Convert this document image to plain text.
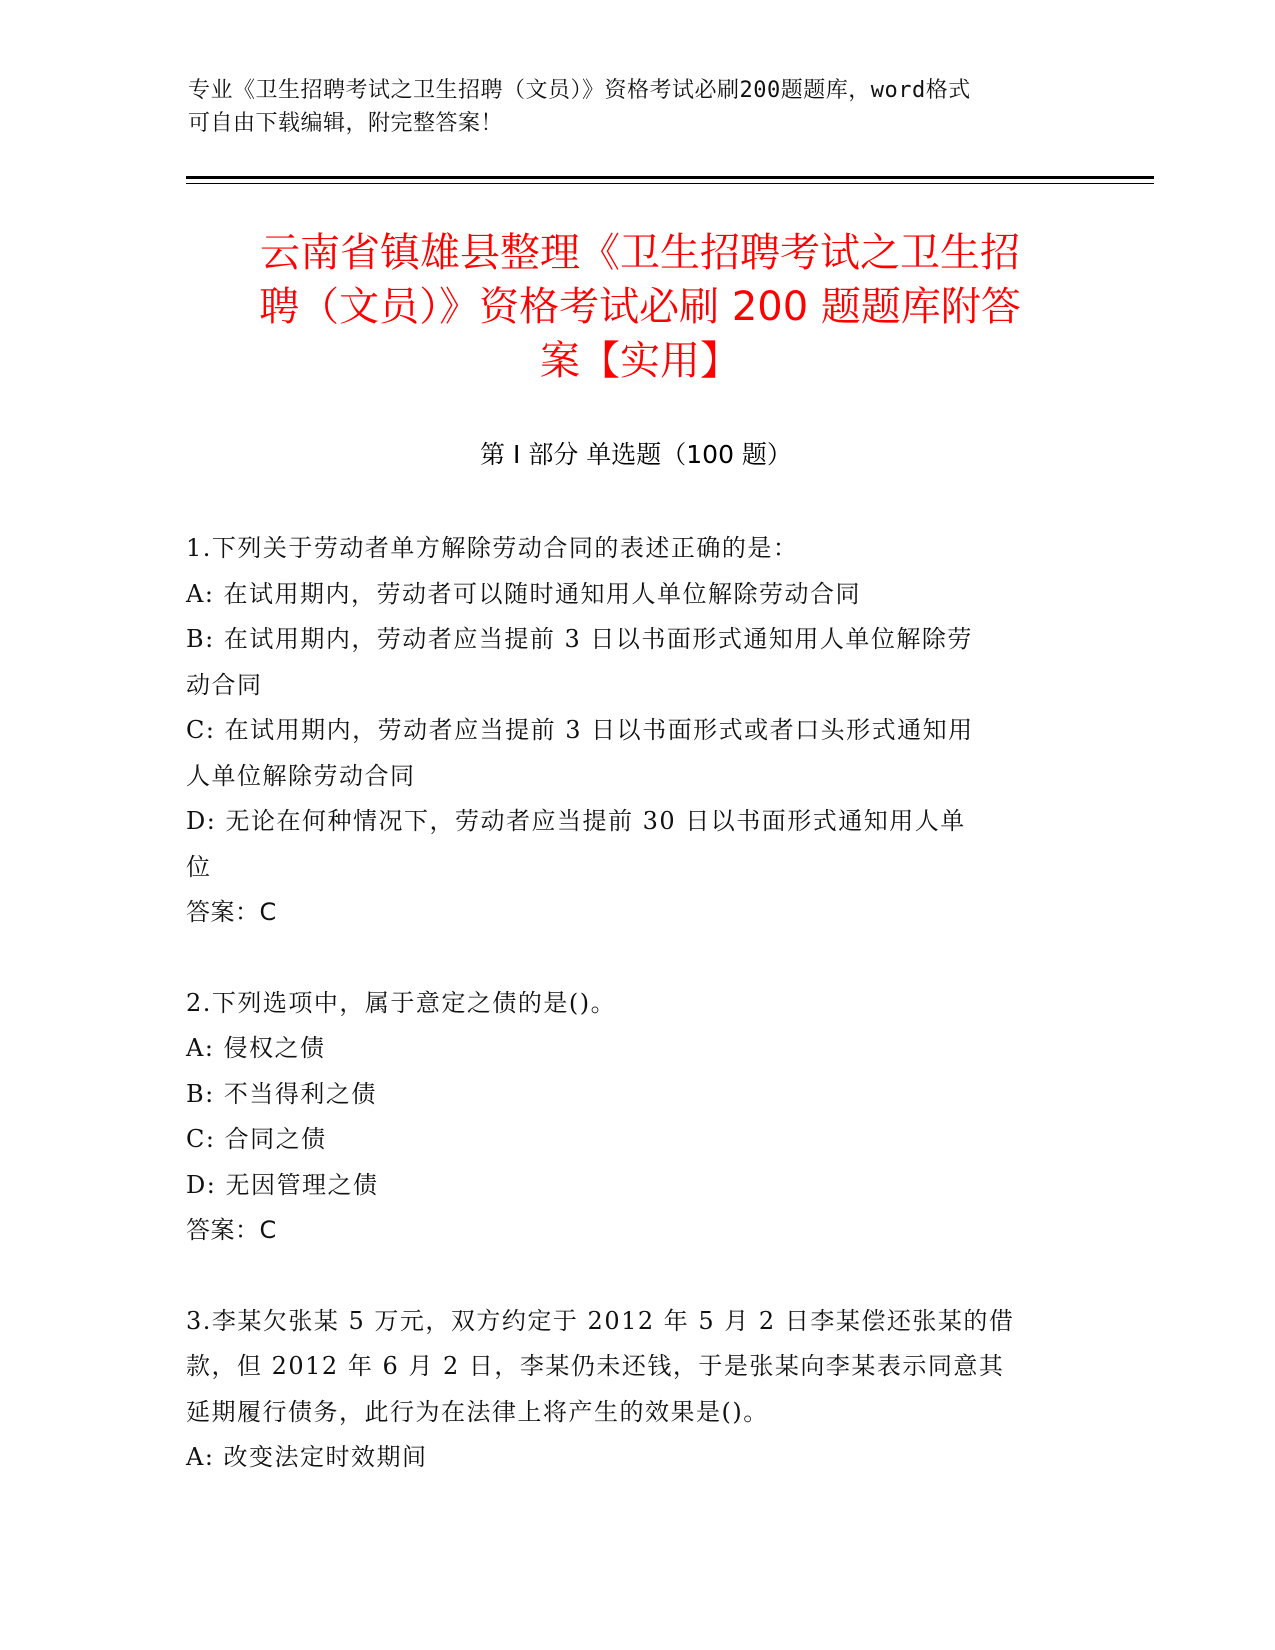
专业《卫生招聘考试之卫生招聘（文员）》资格考试必刷200题题库，word格式
可自由下载编辑，附完整答案！
云南省镇雄县整理《卫生招聘考试之卫生招
聘（文员）》资格考试必刷 200 题题库附答
案【实用】
第 I 部分 单选题（100 题）

1.下列关于劳动者单方解除劳动合同的表述正确的是：

A: 在试用期内，劳动者可以随时通知用人单位解除劳动合同

B: 在试用期内，劳动者应当提前 3 日以书面形式通知用人单位解除劳

动合同

C: 在试用期内，劳动者应当提前 3 日以书面形式或者口头形式通知用

人单位解除劳动合同

D: 无论在何种情况下，劳动者应当提前 30 日以书面形式通知用人单

位

答案：C

2.下列选项中，属于意定之债的是()。

A: 侵权之债

B: 不当得利之债

C: 合同之债

D: 无因管理之债

答案：C

3.李某欠张某 5 万元，双方约定于 2012 年 5 月 2 日李某偿还张某的借

款，但 2012 年 6 月 2 日，李某仍未还钱，于是张某向李某表示同意其

延期履行债务，此行为在法律上将产生的效果是()。

A: 改变法定时效期间
